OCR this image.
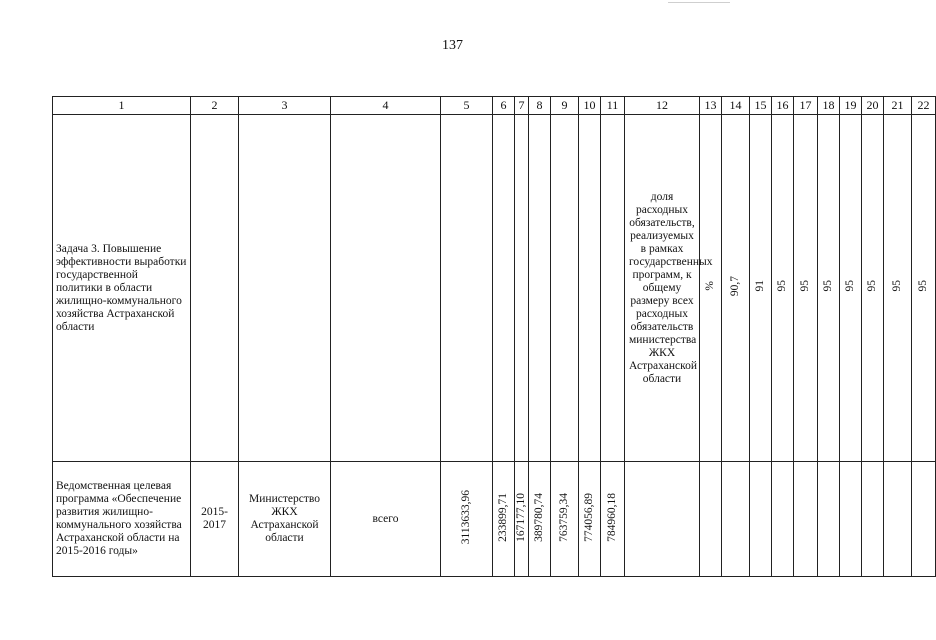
137
1	2	3	4	5	6	7	8	9	10	11	12	13	14	15	16	17	18	19	20	21	22
Задача 3. Повышение эффективности выработки государственной политики в области жилищно-коммунального хозяйства Астраханской области											доля расходных обязательств, реализуемых в рамках государственных программ, к общему размеру всех расходных обязательств министерства ЖКХ Астраханской области	%	90,7	91	95	95	95	95	95	95	95
Ведомственная целевая программа «Обеспечение развития жилищно-коммунального хозяйства Астраханской области на 2015-2016 годы»	2015-2017	Министерство ЖКХ Астраханской области	всего	3113633,96	233899,71	167177,10	389780,74	763759,34	774056,89	784960,18											
